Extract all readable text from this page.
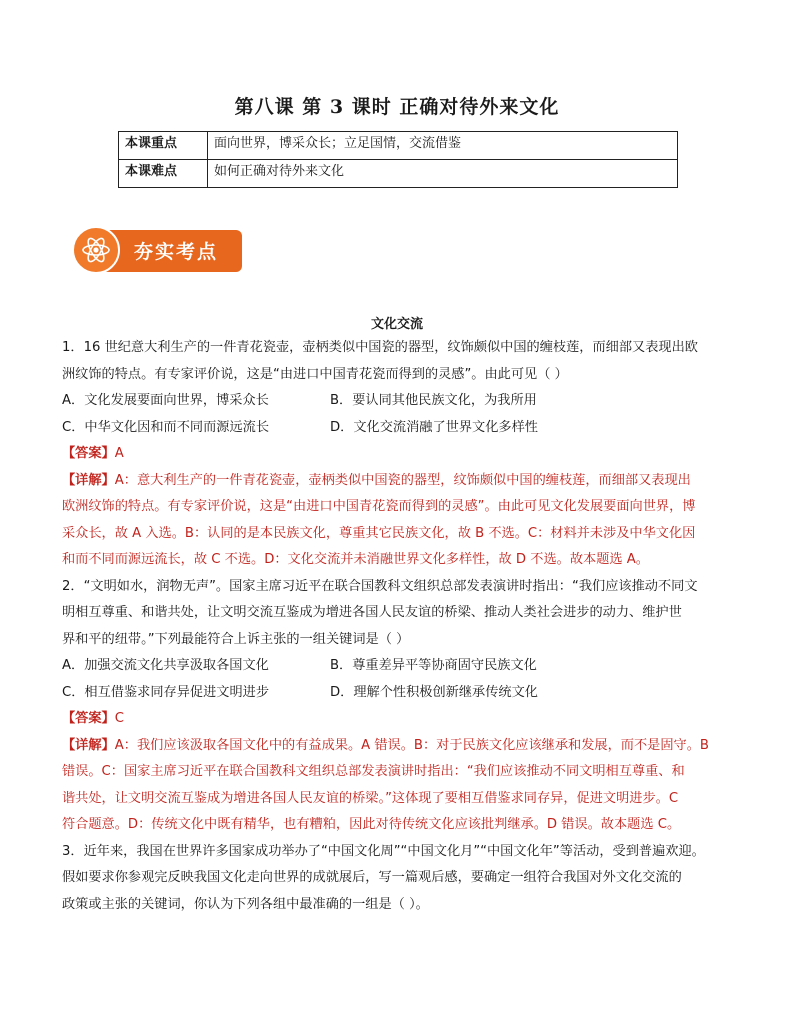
第八课 第 3 课时 正确对待外来文化
本课重点	面向世界，博采众长；立足国情，交流借鉴
本课难点	如何正确对待外来文化
夯实考点
文化交流

1．16 世纪意大利生产的一件青花瓷壶，壶柄类似中国瓷的器型，纹饰颇似中国的缠枝莲，而细部又表现出欧

洲纹饰的特点。有专家评价说，这是“由进口中国青花瓷而得到的灵感”。由此可见（ ）

A．文化发展要面向世界，博采众长	B．要认同其他民族文化，为我所用

C．中华文化因和而不同而源远流长	D．文化交流消融了世界文化多样性

【答案】A

【详解】A：意大利生产的一件青花瓷壶，壶柄类似中国瓷的器型，纹饰颇似中国的缠枝莲，而细部又表现出

欧洲纹饰的特点。有专家评价说，这是“由进口中国青花瓷而得到的灵感”。由此可见文化发展要面向世界，博

采众长，故 A 入选。B：认同的是本民族文化，尊重其它民族文化，故 B 不选。C：材料并未涉及中华文化因

和而不同而源远流长，故 C 不选。D：文化交流并未消融世界文化多样性，故 D 不选。故本题选 A。

2．“文明如水，润物无声”。国家主席习近平在联合国教科文组织总部发表演讲时指出：“我们应该推动不同文

明相互尊重、和谐共处，让文明交流互鉴成为增进各国人民友谊的桥梁、推动人类社会进步的动力、维护世

界和平的纽带。”下列最能符合上诉主张的一组关键词是（ ）

A．加强交流文化共享汲取各国文化	B．尊重差异平等协商固守民族文化

C．相互借鉴求同存异促进文明进步	D．理解个性积极创新继承传统文化

【答案】C

【详解】A：我们应该汲取各国文化中的有益成果。A 错误。B：对于民族文化应该继承和发展，而不是固守。B

错误。C：国家主席习近平在联合国教科文组织总部发表演讲时指出：“我们应该推动不同文明相互尊重、和

谐共处，让文明交流互鉴成为增进各国人民友谊的桥梁。”这体现了要相互借鉴求同存异，促进文明进步。C

符合题意。D：传统文化中既有精华，也有糟粕，因此对待传统文化应该批判继承。D 错误。故本题选 C。

3．近年来，我国在世界许多国家成功举办了“中国文化周”“中国文化月”“中国文化年”等活动，受到普遍欢迎。

假如要求你参观完反映我国文化走向世界的成就展后，写一篇观后感，要确定一组符合我国对外文化交流的

政策或主张的关键词，你认为下列各组中最准确的一组是（ ）。
